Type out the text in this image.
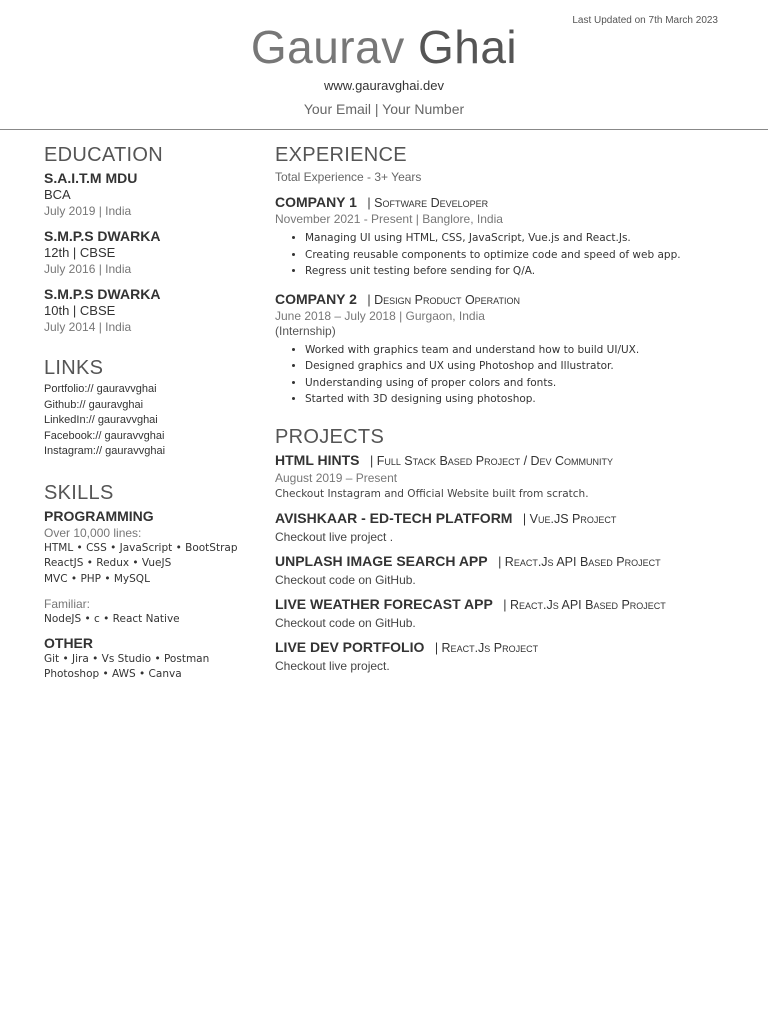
Last Updated on 7th March 2023
Gaurav Ghai
www.gauravghai.dev
Your Email | Your Number
EDUCATION
S.A.I.T.M MDU
BCA
July 2019 | India
S.M.P.S DWARKA
12th | CBSE
July 2016 | India
S.M.P.S DWARKA
10th | CBSE
July 2014 | India
LINKS
Portfolio:// gauravvghai
Github:// gauravghai
LinkedIn:// gauravvghai
Facebook:// gauravvghai
Instagram:// gauravvghai
SKILLS
PROGRAMMING
Over 10,000 lines:
HTML • CSS • JavaScript • BootStrap
ReactJS • Redux • VueJS
MVC • PHP • MySQL
Familiar:
NodeJS • c • React Native
OTHER
Git • Jira • Vs Studio • Postman
Photoshop • AWS • Canva
EXPERIENCE
Total Experience - 3+ Years
COMPANY 1 | Software Developer
November 2021 - Present | Banglore, India
• Managing UI using HTML, CSS, JavaScript, Vue.js and React.Js.
• Creating reusable components to optimize code and speed of web app.
• Regress unit testing before sending for Q/A.
COMPANY 2 | Design Product Operation
June 2018 – July 2018 | Gurgaon, India
(Internship)
• Worked with graphics team and understand how to build UI/UX.
• Designed graphics and UX using Photoshop and Illustrator.
• Understanding using of proper colors and fonts.
• Started with 3D designing using photoshop.
PROJECTS
HTML HINTS | Full Stack Based Project / Dev Community
August 2019 – Present
Checkout Instagram and Official Website built from scratch.
AVISHKAAR - ED-TECH PLATFORM | Vue.JS Project
Checkout live project .
UNPLASH IMAGE SEARCH APP | React.Js API Based Project
Checkout code on GitHub.
LIVE WEATHER FORECAST APP | React.Js API Based Project
Checkout code on GitHub.
LIVE DEV PORTFOLIO | React.Js Project
Checkout live project.
